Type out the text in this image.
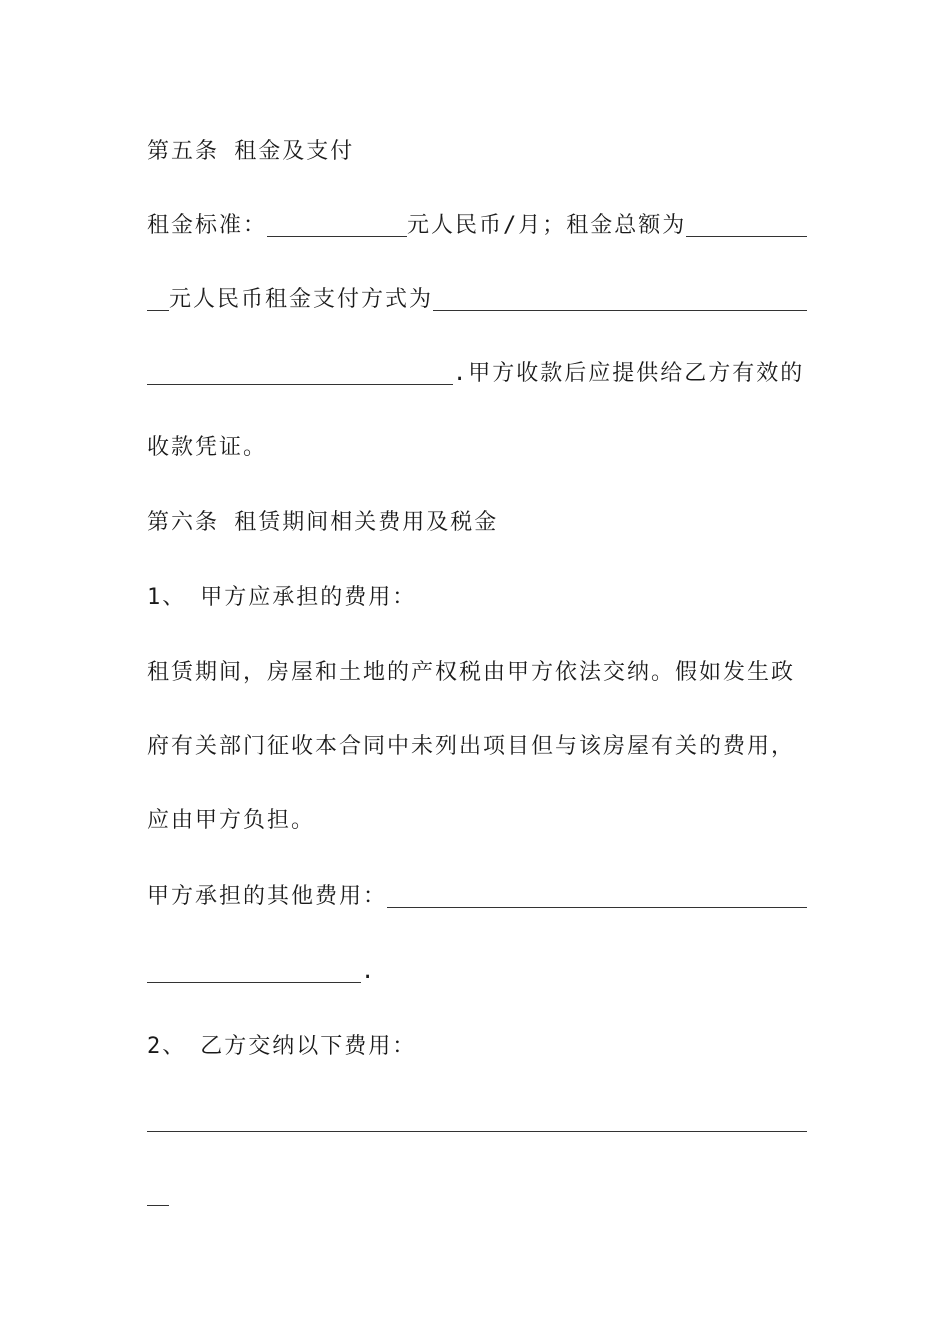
第五条 租金及支付
租金标准：	元人民币/月；租金总额为
元人民币租金支付方式为
.甲方收款后应提供给乙方有效的
收款凭证。
第六条 租赁期间相关费用及税金
1、 甲方应承担的费用：
租赁期间，房屋和土地的产权税由甲方依法交纳。假如发生政
府有关部门征收本合同中未列出项目但与该房屋有关的费用，
应由甲方负担。
甲方承担的其他费用：
.
2、 乙方交纳以下费用：
